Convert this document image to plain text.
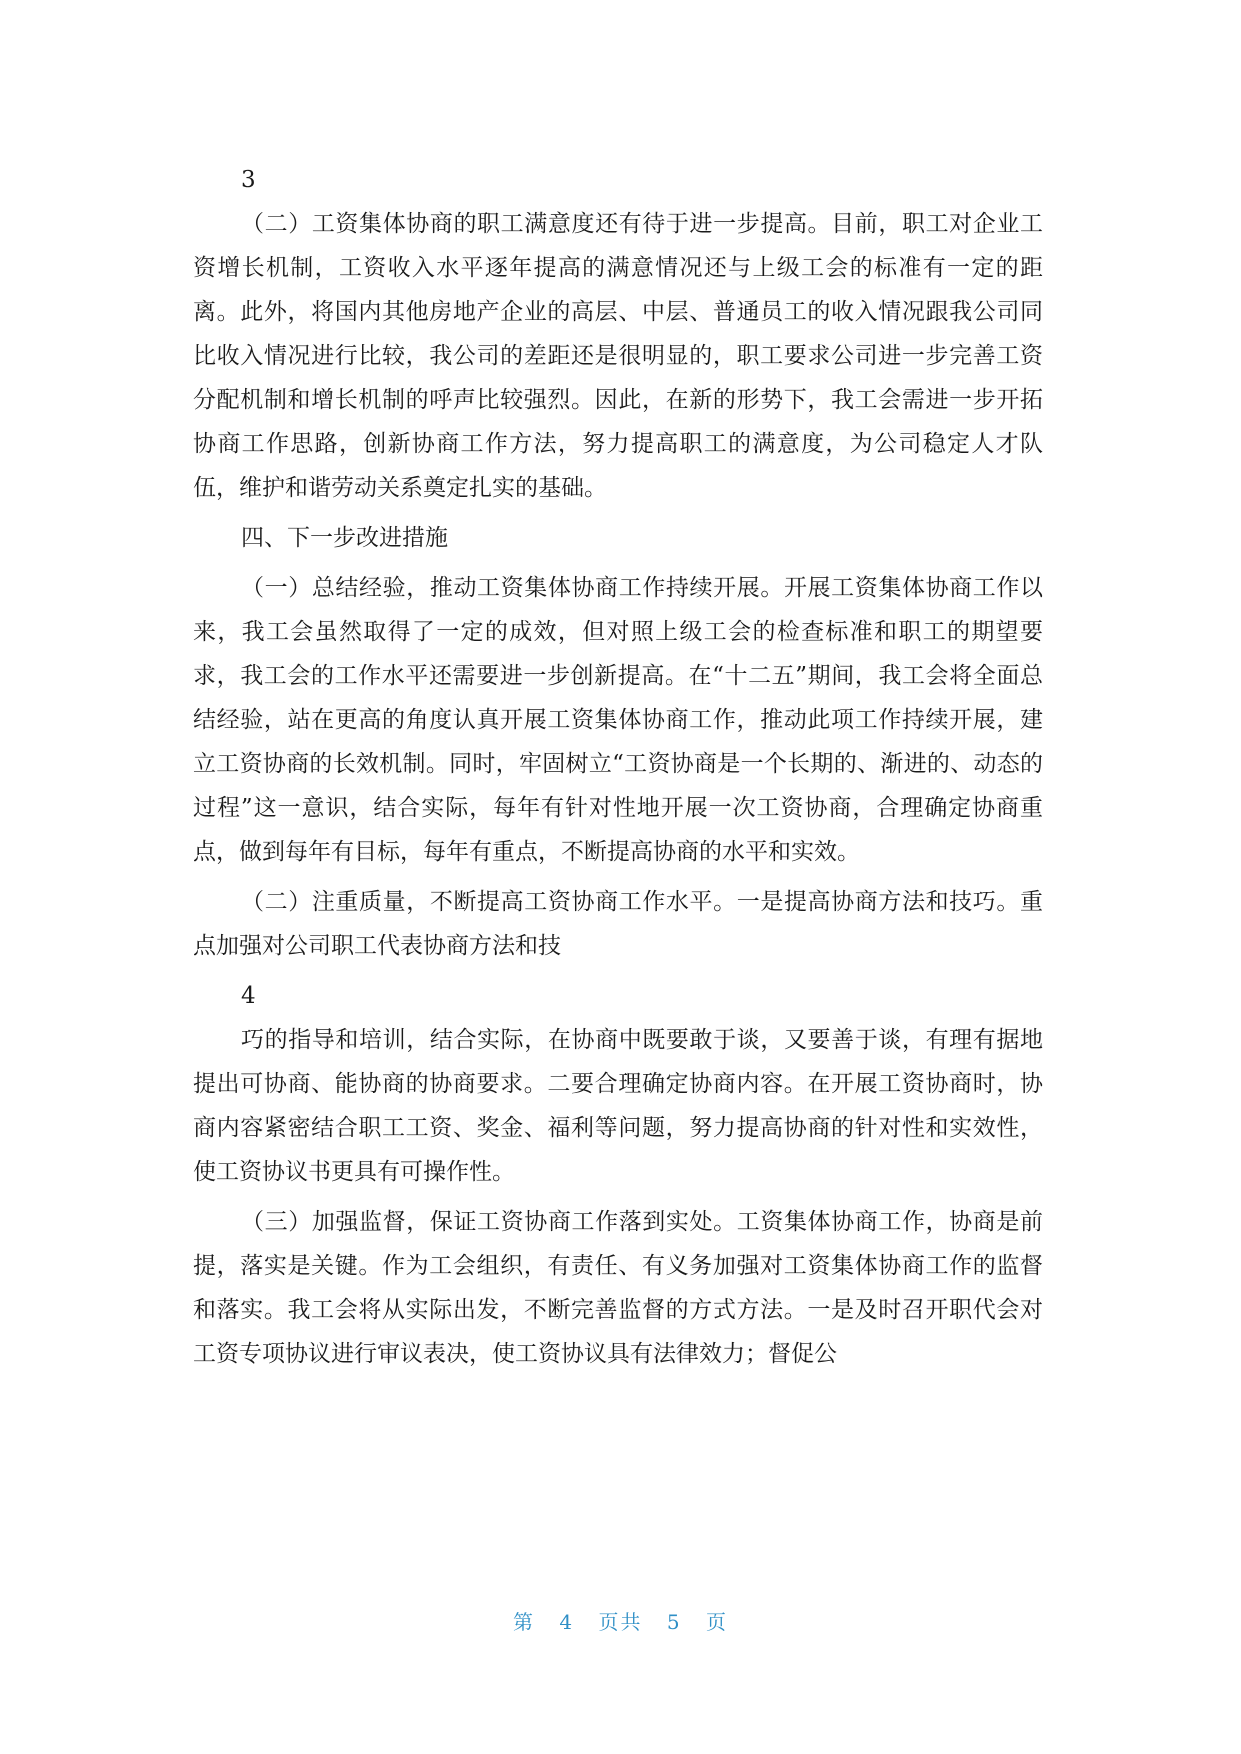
3

（二）工资集体协商的职工满意度还有待于进一步提高。目前，职工对企业工资增长机制，工资收入水平逐年提高的满意情况还与上级工会的标准有一定的距离。此外，将国内其他房地产企业的高层、中层、普通员工的收入情况跟我公司同比收入情况进行比较，我公司的差距还是很明显的，职工要求公司进一步完善工资分配机制和增长机制的呼声比较强烈。因此，在新的形势下，我工会需进一步开拓协商工作思路，创新协商工作方法，努力提高职工的满意度，为公司稳定人才队伍，维护和谐劳动关系奠定扎实的基础。

四、下一步改进措施

（一）总结经验，推动工资集体协商工作持续开展。开展工资集体协商工作以来，我工会虽然取得了一定的成效，但对照上级工会的检查标准和职工的期望要求，我工会的工作水平还需要进一步创新提高。在“十二五”期间，我工会将全面总结经验，站在更高的角度认真开展工资集体协商工作，推动此项工作持续开展，建立工资协商的长效机制。同时，牢固树立“工资协商是一个长期的、渐进的、动态的过程”这一意识，结合实际，每年有针对性地开展一次工资协商，合理确定协商重点，做到每年有目标，每年有重点，不断提高协商的水平和实效。

（二）注重质量，不断提高工资协商工作水平。一是提高协商方法和技巧。重点加强对公司职工代表协商方法和技

4

巧的指导和培训，结合实际，在协商中既要敢于谈，又要善于谈，有理有据地提出可协商、能协商的协商要求。二要合理确定协商内容。在开展工资协商时，协商内容紧密结合职工工资、奖金、福利等问题，努力提高协商的针对性和实效性，使工资协议书更具有可操作性。

（三）加强监督，保证工资协商工作落到实处。工资集体协商工作，协商是前提，落实是关键。作为工会组织，有责任、有义务加强对工资集体协商工作的监督和落实。我工会将从实际出发，不断完善监督的方式方法。一是及时召开职代会对工资专项协议进行审议表决，使工资协议具有法律效力；督促公

第 4 页共 5 页
